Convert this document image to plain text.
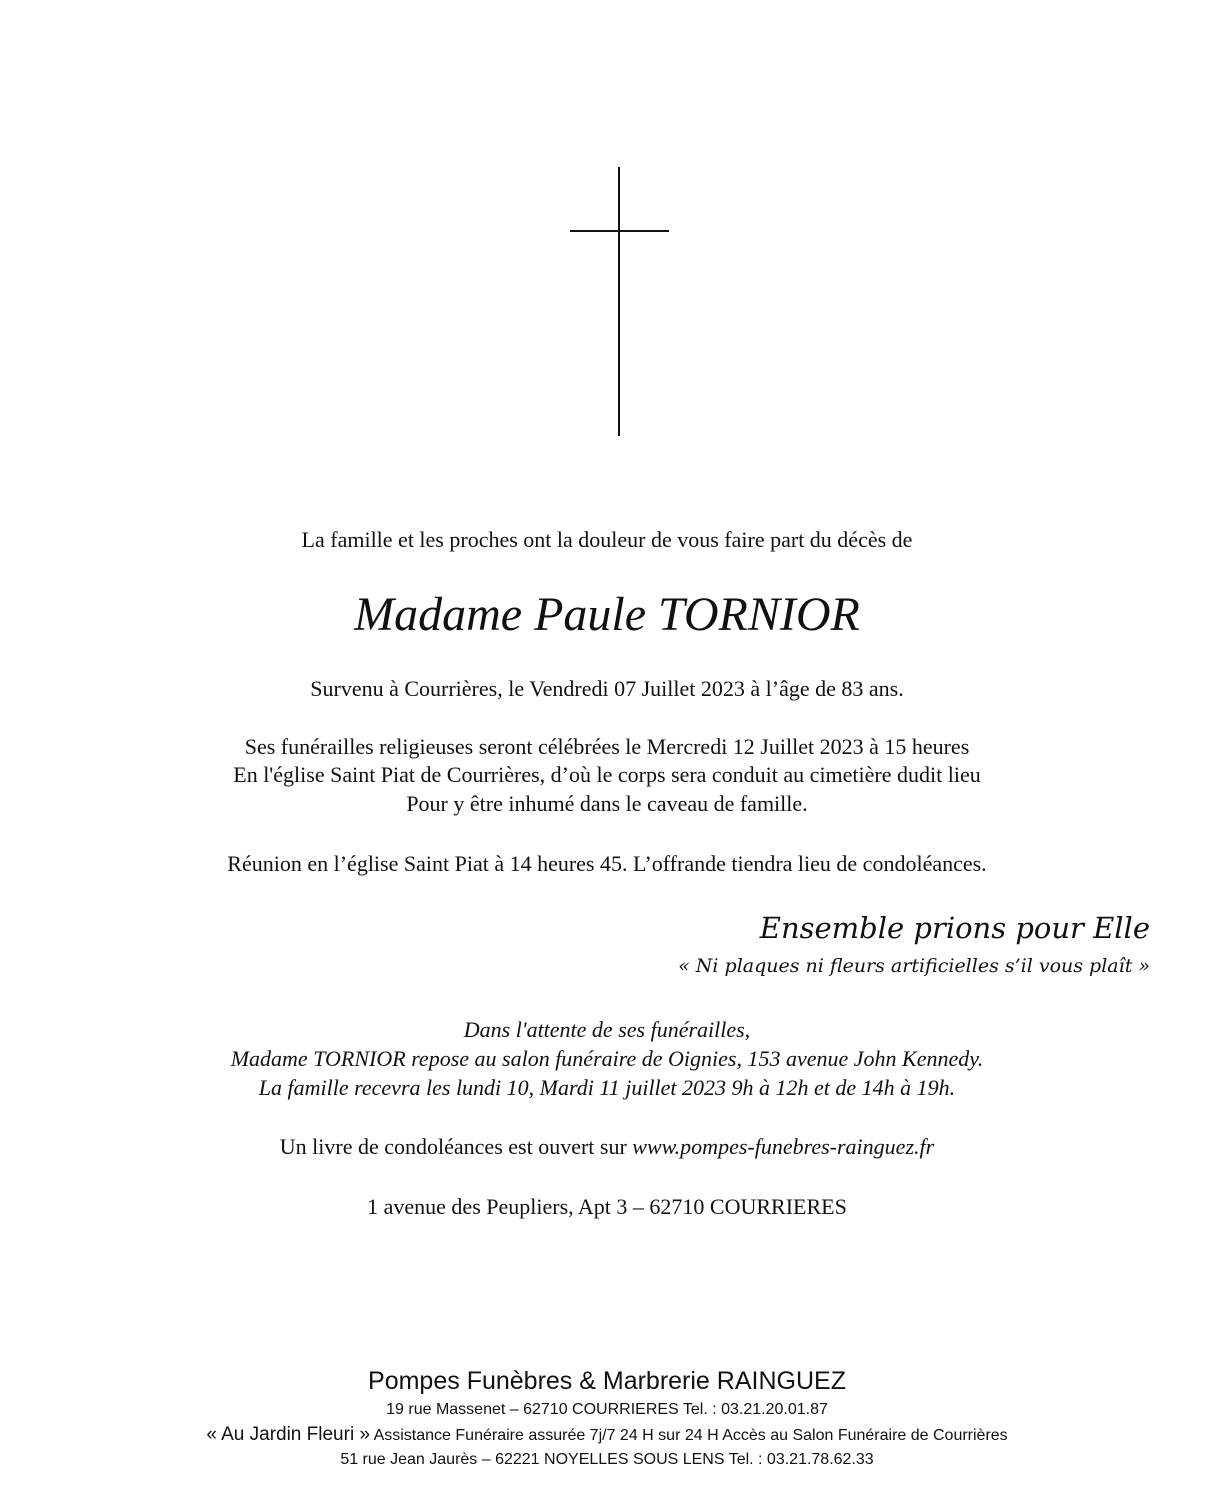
La famille et les proches ont la douleur de vous faire part du décès de
Madame Paule TORNIOR
Survenu à Courrières, le Vendredi 07 Juillet 2023 à l’âge de 83 ans.
Ses funérailles religieuses seront célébrées le Mercredi 12 Juillet 2023 à 15 heures
En l'église Saint Piat de Courrières, d’où le corps sera conduit au cimetière dudit lieu
Pour y être inhumé dans le caveau de famille.
Réunion en l’église Saint Piat à 14 heures 45. L’offrande tiendra lieu de condoléances.
Ensemble prions pour Elle
« Ni plaques ni fleurs artificielles s’il vous plaît »
Dans l'attente de ses funérailles,
Madame TORNIOR repose au salon funéraire de Oignies, 153 avenue John Kennedy.
La famille recevra les lundi 10, Mardi 11 juillet 2023 9h à 12h et de 14h à 19h.
Un livre de condoléances est ouvert sur www.pompes-funebres-rainguez.fr
1 avenue des Peupliers, Apt 3 – 62710 COURRIERES
Pompes Funèbres & Marbrerie RAINGUEZ
19 rue Massenet – 62710 COURRIERES Tel. : 03.21.20.01.87
« Au Jardin Fleuri » Assistance Funéraire assurée 7j/7 24 H sur 24 H Accès au Salon Funéraire de Courrières
51 rue Jean Jaurès – 62221 NOYELLES SOUS LENS Tel. : 03.21.78.62.33
